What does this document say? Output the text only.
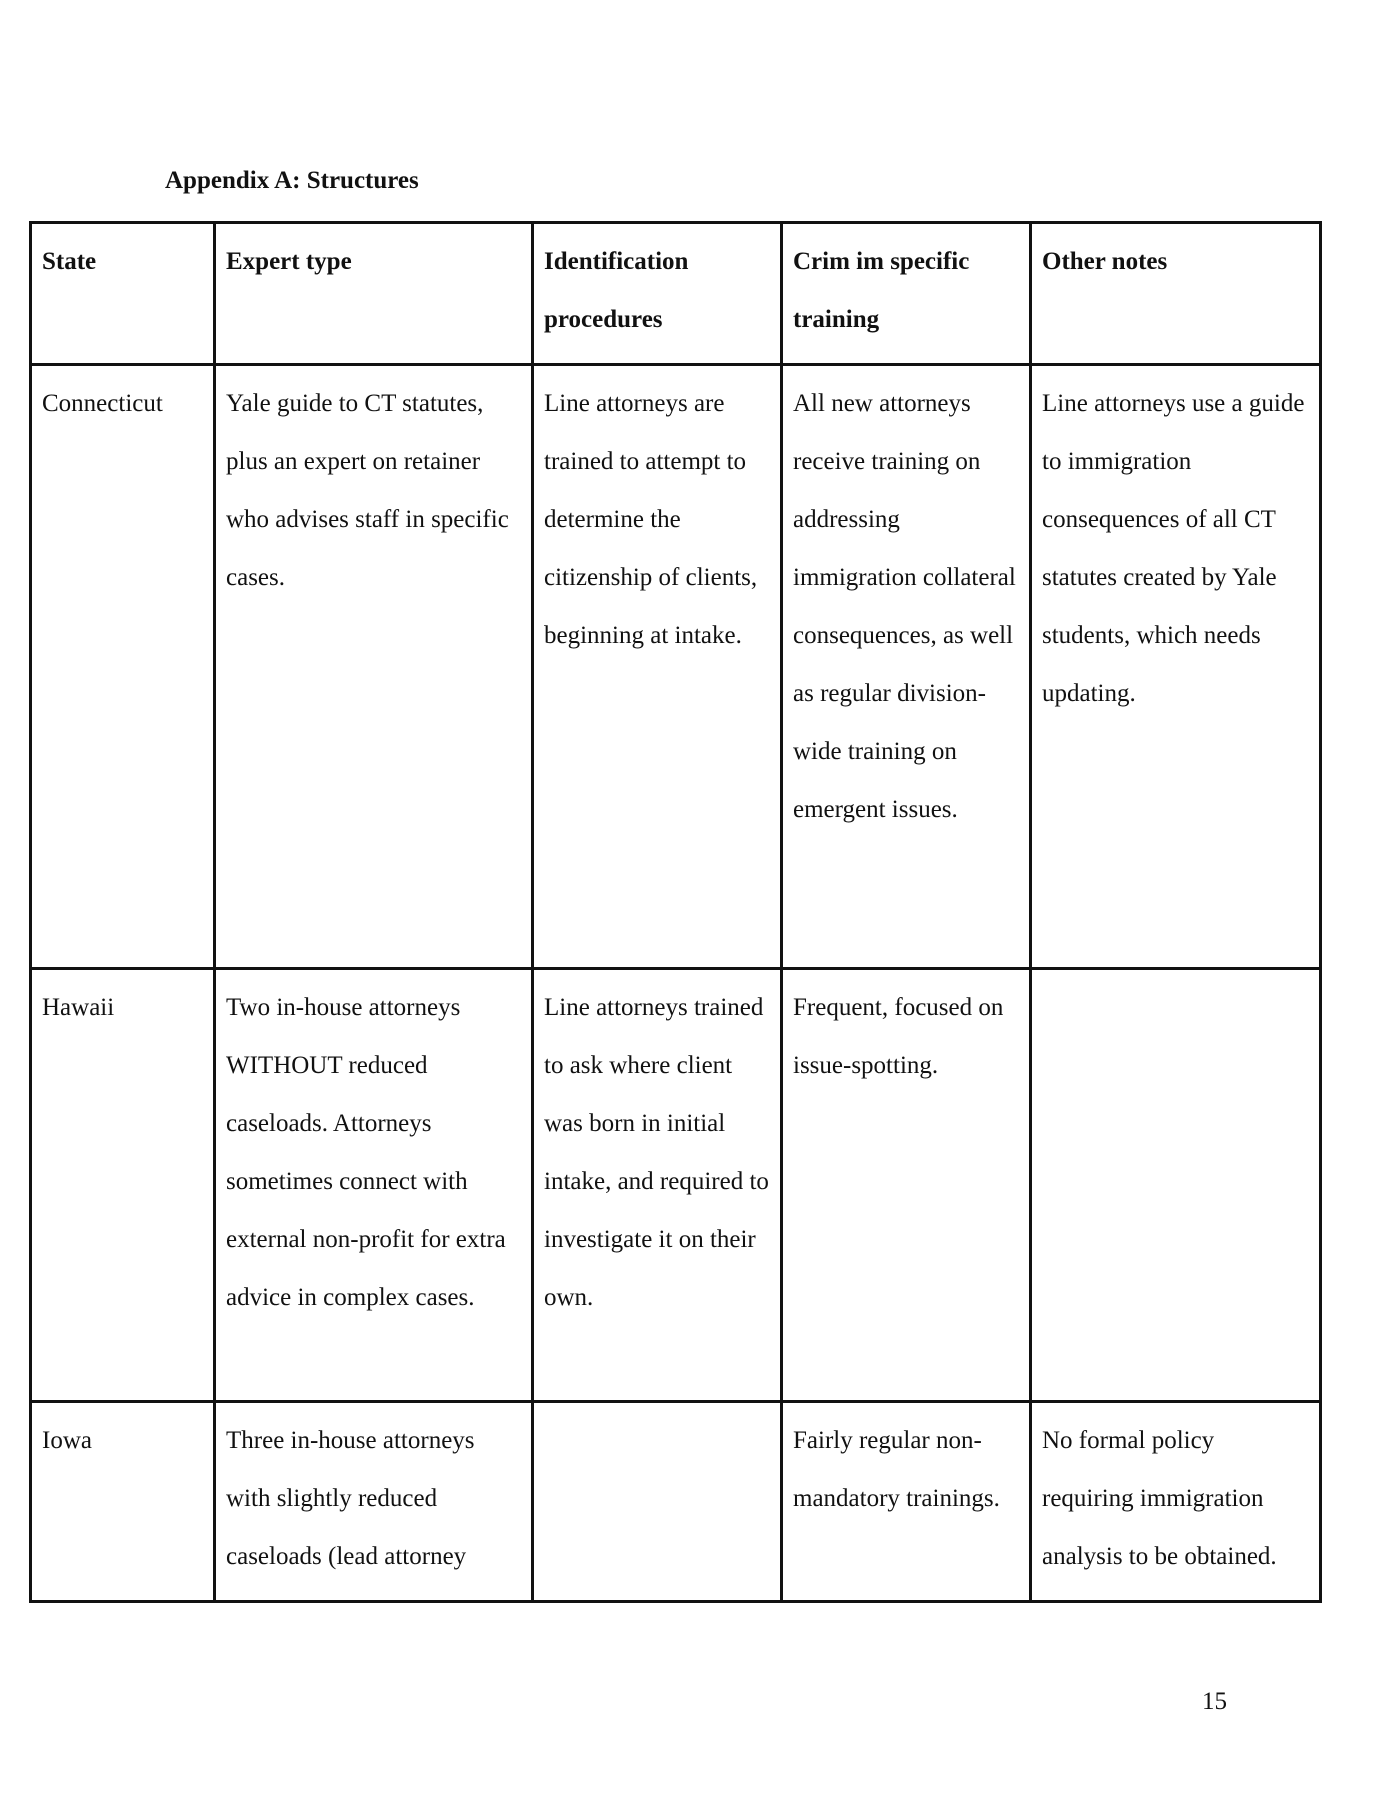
Appendix A: Structures
State	Expert type	Identification procedures	Crim im specific training	Other notes
Connecticut	Yale guide to CT statutes, plus an expert on retainer who advises staff in specific cases.	Line attorneys are trained to attempt to determine the citizenship of clients, beginning at intake.	All new attorneys receive training on addressing immigration collateral consequences, as well as regular division-wide training on emergent issues.	Line attorneys use a guide to immigration consequences of all CT statutes created by Yale students, which needs updating.
Hawaii	Two in-house attorneys WITHOUT reduced caseloads. Attorneys sometimes connect with external non-profit for extra advice in complex cases.	Line attorneys trained to ask where client was born in initial intake, and required to investigate it on their own.	Frequent, focused on issue-spotting.	
Iowa	Three in-house attorneys with slightly reduced caseloads (lead attorney		Fairly regular non-mandatory trainings.	No formal policy requiring immigration analysis to be obtained.
15
